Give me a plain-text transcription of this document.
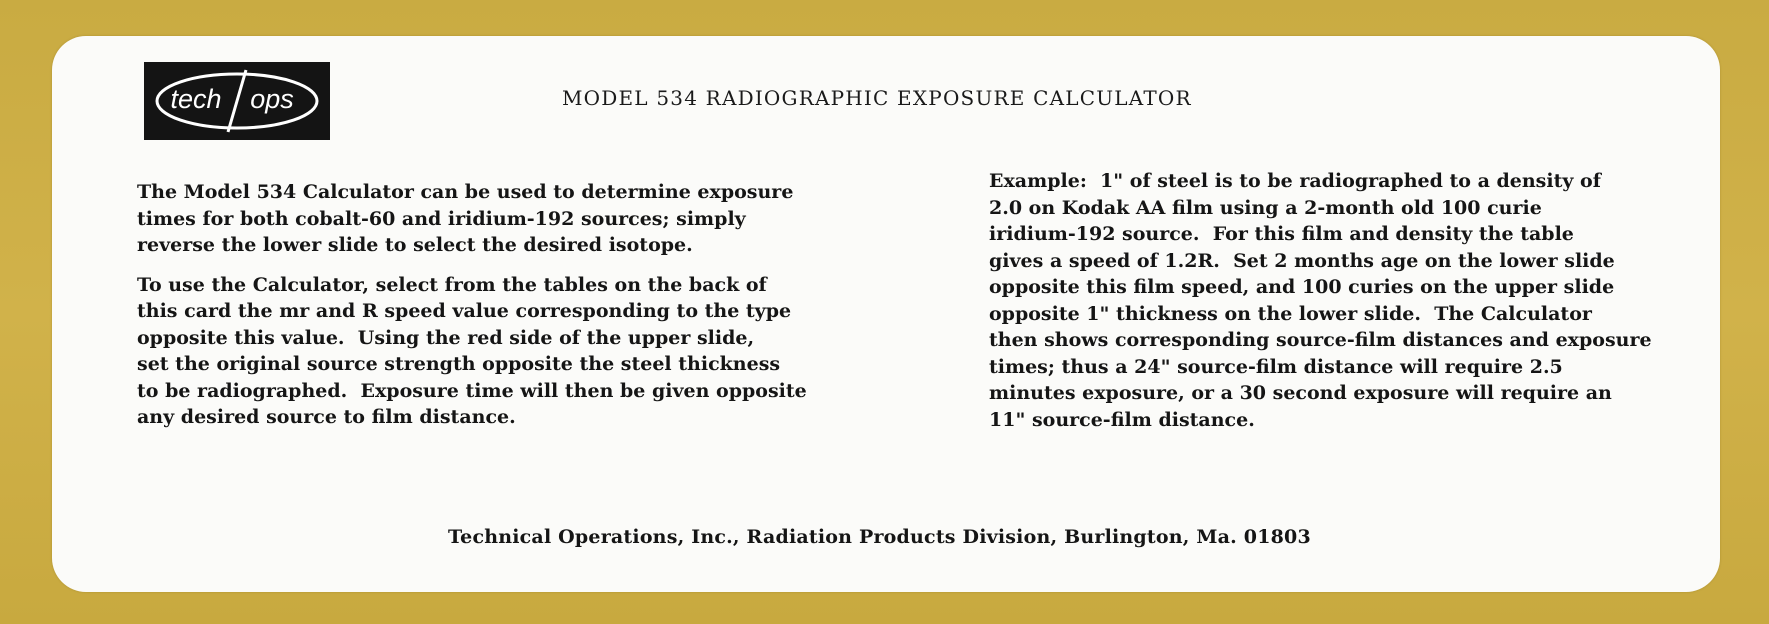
tech ops	MODEL 534 RADIOGRAPHIC EXPOSURE CALCULATOR

The Model 534 Calculator can be used to determine exposure

times for both cobalt-60 and iridium-192 sources; simply

reverse the lower slide to select the desired isotope.

To use the Calculator, select from the tables on the back of

this card the mr and R speed value corresponding to the type

opposite this value.  Using the red side of the upper slide,

set the original source strength opposite the steel thickness

to be radiographed.  Exposure time will then be given opposite

any desired source to film distance.

Example:  1" of steel is to be radiographed to a density of

2.0 on Kodak AA film using a 2-month old 100 curie

iridium-192 source.  For this film and density the table

gives a speed of 1.2R.  Set 2 months age on the lower slide

opposite this film speed, and 100 curies on the upper slide

opposite 1" thickness on the lower slide.  The Calculator

then shows corresponding source-film distances and exposure

times; thus a 24" source-film distance will require 2.5

minutes exposure, or a 30 second exposure will require an

11" source-film distance.

Technical Operations, Inc., Radiation Products Division, Burlington, Ma. 01803
